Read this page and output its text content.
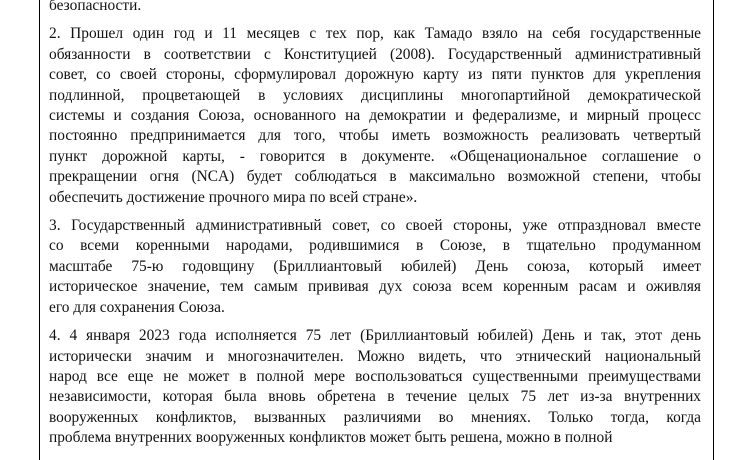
безопасности.

2. Прошел один год и 11 месяцев с тех пор, как Тамадо взяло на себя государственные
обязанности в соответствии с Конституцией (2008). Государственный административный
совет, со своей стороны, сформулировал дорожную карту из пяти пунктов для укрепления
подлинной, процветающей в условиях дисциплины многопартийной демократической
системы и создания Союза, основанного на демократии и федерализме, и мирный процесс
постоянно предпринимается для того, чтобы иметь возможность реализовать четвертый
пункт дорожной карты, - говорится в документе. «Общенациональное соглашение о
прекращении огня (NCA) будет соблюдаться в максимально возможной степени, чтобы
обеспечить достижение прочного мира по всей стране».

3. Государственный административный совет, со своей стороны, уже отпраздновал вместе
со всеми коренными народами, родившимися в Союзе, в тщательно продуманном
масштабе 75-ю годовщину (Бриллиантовый юбилей) День союза, который имеет
историческое значение, тем самым прививая дух союза всем коренным расам и оживляя
его для сохранения Союза.

4. 4 января 2023 года исполняется 75 лет (Бриллиантовый юбилей) День и так, этот день
исторически значим и многозначителен. Можно видеть, что этнический национальный
народ все еще не может в полной мере воспользоваться существенными преимуществами
независимости, которая была вновь обретена в течение целых 75 лет из-за внутренних
вооруженных конфликтов, вызванных различиями во мнениях. Только тогда, когда
проблема внутренних вооруженных конфликтов может быть решена, можно в полной
